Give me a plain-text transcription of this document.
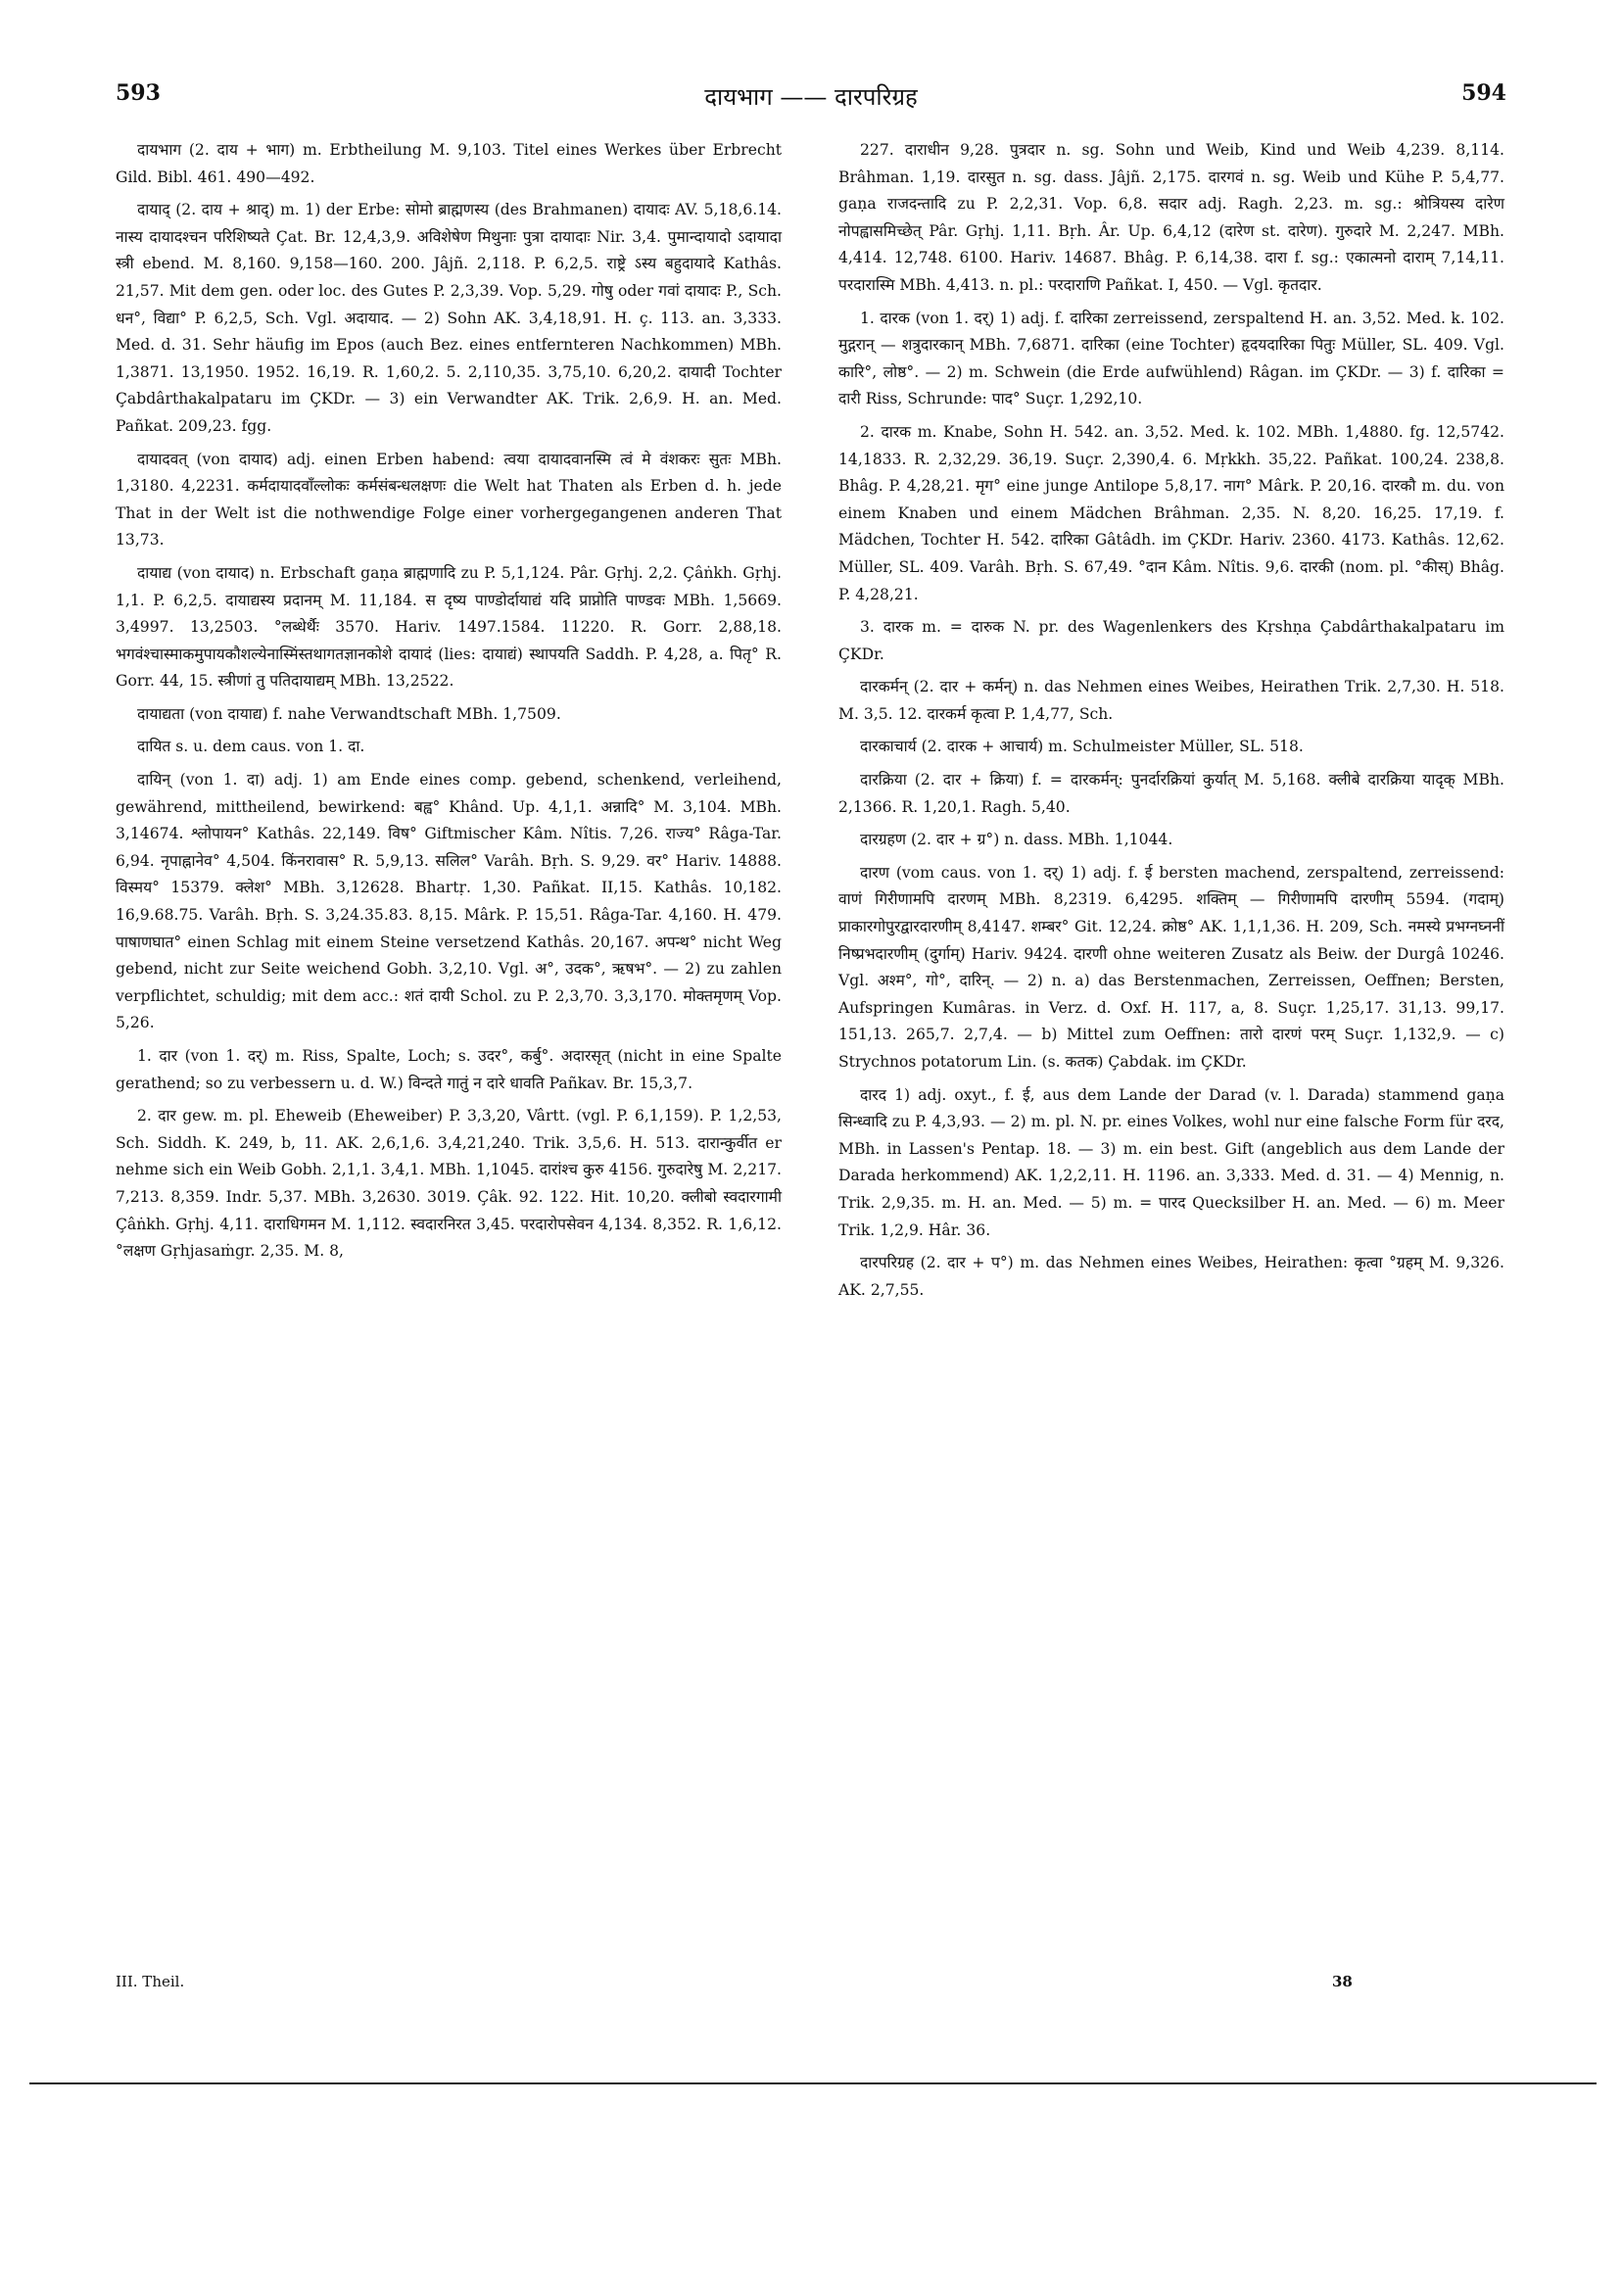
593	दायभाग —— दारपरिग्रह	594

दायभाग (2. दाय + भाग) m. Erbtheilung M. 9,103. Titel eines Werkes über Erbrecht Gild. Bibl. 461. 490—492.

दायाद् (2. दाय + श्राद्) m. 1) der Erbe: सोमो ब्राह्मणस्य (des Brahmanen) दायादः AV. 5,18,6.14. नास्य दायादश्चन परिशिष्यते Çat. Br. 12,4,3,9. अविशेषेण मिथुनाः पुत्रा दायादाः Nir. 3,4. पुमान्दायादो ऽदायादा स्त्री ebend. M. 8,160. 9,158—160. 200. Jâjñ. 2,118. P. 6,2,5. राष्ट्रे ऽस्य बहुदायादे Kathâs. 21,57. Mit dem gen. oder loc. des Gutes P. 2,3,39. Vop. 5,29. गोषु oder गवां दायादः P., Sch. धन°, विद्या° P. 6,2,5, Sch. Vgl. अदायाद. — 2) Sohn AK. 3,4,18,91. H. ç. 113. an. 3,333. Med. d. 31. Sehr häufig im Epos (auch Bez. eines entfernteren Nachkommen) MBh. 1,3871. 13,1950. 1952. 16,19. R. 1,60,2. 5. 2,110,35. 3,75,10. 6,20,2. दायादी Tochter Çabdârthakalpataru im ÇKDr. — 3) ein Verwandter AK. Trik. 2,6,9. H. an. Med. Pañkat. 209,23. fgg.

दायादवत् (von दायाद) adj. einen Erben habend: त्वया दायादवानस्मि त्वं मे वंशकरः सुतः MBh. 1,3180. 4,2231. कर्मदायादवाँल्लोकः कर्मसंबन्धलक्षणः die Welt hat Thaten als Erben d. h. jede That in der Welt ist die nothwendige Folge einer vorhergegangenen anderen That 13,73.

दायाद्य (von दायाद) n. Erbschaft gaṇa ब्राह्मणादि zu P. 5,1,124. Pâr. Gṛhj. 2,2. Çâṅkh. Gṛhj. 1,1. P. 6,2,5. दायाद्यस्य प्रदानम् M. 11,184. स दृष्य पाण्डोर्दायाद्यं यदि प्राप्नोति पाण्डवः MBh. 1,5669. 3,4997. 13,2503. °लब्धेर्थैः 3570. Hariv. 1497.1584. 11220. R. Gorr. 2,88,18. भगवंश्चास्माकमुपायकौशल्येनास्मिंस्तथागतज्ञानकोशे दायादं (lies: दायाद्यं) स्थापयति Saddh. P. 4,28, a. पितृ° R. Gorr. 44, 15. स्त्रीणां तु पतिदायाद्यम् MBh. 13,2522.

दायाद्यता (von दायाद्य) f. nahe Verwandtschaft MBh. 1,7509.

दायित s. u. dem caus. von 1. दा.

दायिन् (von 1. दा) adj. 1) am Ende eines comp. gebend, schenkend, verleihend, gewährend, mittheilend, bewirkend: बह्व° Khând. Up. 4,1,1. अन्नादि° M. 3,104. MBh. 3,14674. श्लोपायन° Kathâs. 22,149. विष° Giftmischer Kâm. Nîtis. 7,26. राज्य° Râga-Tar. 6,94. नृपाह्नानेव° 4,504. किंनरावास° R. 5,9,13. सलिल° Varâh. Bṛh. S. 9,29. वर° Hariv. 14888. विस्मय° 15379. क्लेश° MBh. 3,12628. Bhartṛ. 1,30. Pañkat. II,15. Kathâs. 10,182. 16,9.68.75. Varâh. Bṛh. S. 3,24.35.83. 8,15. Mârk. P. 15,51. Râga-Tar. 4,160. H. 479. पाषाणघात° einen Schlag mit einem Steine versetzend Kathâs. 20,167. अपन्थ° nicht Weg gebend, nicht zur Seite weichend Gobh. 3,2,10. Vgl. अ°, उदक°, ऋषभ°. — 2) zu zahlen verpflichtet, schuldig; mit dem acc.: शतं दायी Schol. zu P. 2,3,70. 3,3,170. मोक्तमृणम् Vop. 5,26.

1. दार (von 1. दर्) m. Riss, Spalte, Loch; s. उदर°, कर्बु°. अदारसृत् (nicht in eine Spalte gerathend; so zu verbessern u. d. W.) विन्दते गातुं न दारे धावति Pañkav. Br. 15,3,7.

2. दार gew. m. pl. Eheweib (Eheweiber) P. 3,3,20, Vârtt. (vgl. P. 6,1,159). P. 1,2,53, Sch. Siddh. K. 249, b, 11. AK. 2,6,1,6. 3,4,21,240. Trik. 3,5,6. H. 513. दारान्कुर्वीत er nehme sich ein Weib Gobh. 2,1,1. 3,4,1. MBh. 1,1045. दारांश्च कुरु 4156. गुरुदारेषु M. 2,217. 7,213. 8,359. Indr. 5,37. MBh. 3,2630. 3019. Çâk. 92. 122. Hit. 10,20. क्लीबो स्वदारगामी Çâṅkh. Gṛhj. 4,11. दाराधिगमन M. 1,112. स्वदारनिरत 3,45. परदारोपसेवन 4,134. 8,352. R. 1,6,12. °लक्षण Gṛhjasaṁgr. 2,35. M. 8,

227. दाराधीन 9,28. पुत्रदार n. sg. Sohn und Weib, Kind und Weib 4,239. 8,114. Brâhman. 1,19. दारसुत n. sg. dass. Jâjñ. 2,175. दारगवं n. sg. Weib und Kühe P. 5,4,77. gaṇa राजदन्तादि zu P. 2,2,31. Vop. 6,8. सदार adj. Ragh. 2,23. m. sg.: श्रोत्रियस्य दारेण नोपह्वासमिच्छेत् Pâr. Gṛhj. 1,11. Bṛh. Âr. Up. 6,4,12 (दारेण st. दारेण). गुरुदारे M. 2,247. MBh. 4,414. 12,748. 6100. Hariv. 14687. Bhâg. P. 6,14,38. दारा f. sg.: एकात्मनो दाराम् 7,14,11. परदारास्मि MBh. 4,413. n. pl.: परदाराणि Pañkat. I, 450. — Vgl. कृतदार.

1. दारक (von 1. दर्) 1) adj. f. दारिका zerreissend, zerspaltend H. an. 3,52. Med. k. 102. मुद्गरान् — शत्रुदारकान् MBh. 7,6871. दारिका (eine Tochter) हृदयदारिका पितुः Müller, SL. 409. Vgl. कारि°, लोष्ठ°. — 2) m. Schwein (die Erde aufwühlend) Râgan. im ÇKDr. — 3) f. दारिका = दारी Riss, Schrunde: पाद° Suçr. 1,292,10.

2. दारक m. Knabe, Sohn H. 542. an. 3,52. Med. k. 102. MBh. 1,4880. fg. 12,5742. 14,1833. R. 2,32,29. 36,19. Suçr. 2,390,4. 6. Mṛkkh. 35,22. Pañkat. 100,24. 238,8. Bhâg. P. 4,28,21. मृग° eine junge Antilope 5,8,17. नाग° Mârk. P. 20,16. दारकौ m. du. von einem Knaben und einem Mädchen Brâhman. 2,35. N. 8,20. 16,25. 17,19. f. Mädchen, Tochter H. 542. दारिका Gâtâdh. im ÇKDr. Hariv. 2360. 4173. Kathâs. 12,62. Müller, SL. 409. Varâh. Bṛh. S. 67,49. °दान Kâm. Nîtis. 9,6. दारकी (nom. pl. °कीस्) Bhâg. P. 4,28,21.

3. दारक m. = दारुक N. pr. des Wagenlenkers des Kṛshṇa Çabdârthakalpataru im ÇKDr.

दारकर्मन् (2. दार + कर्मन्) n. das Nehmen eines Weibes, Heirathen Trik. 2,7,30. H. 518. M. 3,5. 12. दारकर्म कृत्वा P. 1,4,77, Sch.

दारकाचार्य (2. दारक + आचार्य) m. Schulmeister Müller, SL. 518.

दारक्रिया (2. दार + क्रिया) f. = दारकर्मन्: पुनर्दारक्रियां कुर्यात् M. 5,168. क्लीबे दारक्रिया यादृक् MBh. 2,1366. R. 1,20,1. Ragh. 5,40.

दारग्रहण (2. दार + ग्र°) n. dass. MBh. 1,1044.

दारण (vom caus. von 1. दर्) 1) adj. f. ई bersten machend, zerspaltend, zerreissend: वाणं गिरीणामपि दारणम् MBh. 8,2319. 6,4295. शक्तिम् — गिरीणामपि दारणीम् 5594. (गदाम्) प्राकारगोपुरद्वारदारणीम् 8,4147. शम्बर° Git. 12,24. क्रोष्ठ° AK. 1,1,1,36. H. 209, Sch. नमस्ये प्रभग्नघ्ननीं निष्प्रभदारणीम् (दुर्गाम्) Hariv. 9424. दारणी ohne weiteren Zusatz als Beiw. der Durgâ 10246. Vgl. अश्म°, गो°, दारिन्. — 2) n. a) das Berstenmachen, Zerreissen, Oeffnen; Bersten, Aufspringen Kumâras. in Verz. d. Oxf. H. 117, a, 8. Suçr. 1,25,17. 31,13. 99,17. 151,13. 265,7. 2,7,4. — b) Mittel zum Oeffnen: तारो दारणं परम् Suçr. 1,132,9. — c) Strychnos potatorum Lin. (s. कतक) Çabdak. im ÇKDr.

दारद 1) adj. oxyt., f. ई, aus dem Lande der Darad (v. l. Darada) stammend gaṇa सिन्ध्वादि zu P. 4,3,93. — 2) m. pl. N. pr. eines Volkes, wohl nur eine falsche Form für दरद, MBh. in Lassen's Pentap. 18. — 3) m. ein best. Gift (angeblich aus dem Lande der Darada herkommend) AK. 1,2,2,11. H. 1196. an. 3,333. Med. d. 31. — 4) Mennig, n. Trik. 2,9,35. m. H. an. Med. — 5) m. = पारद Quecksilber H. an. Med. — 6) m. Meer Trik. 1,2,9. Hâr. 36.

दारपरिग्रह (2. दार + प°) m. das Nehmen eines Weibes, Heirathen: कृत्वा °ग्रहम् M. 9,326. AK. 2,7,55.

III. Theil.	38
